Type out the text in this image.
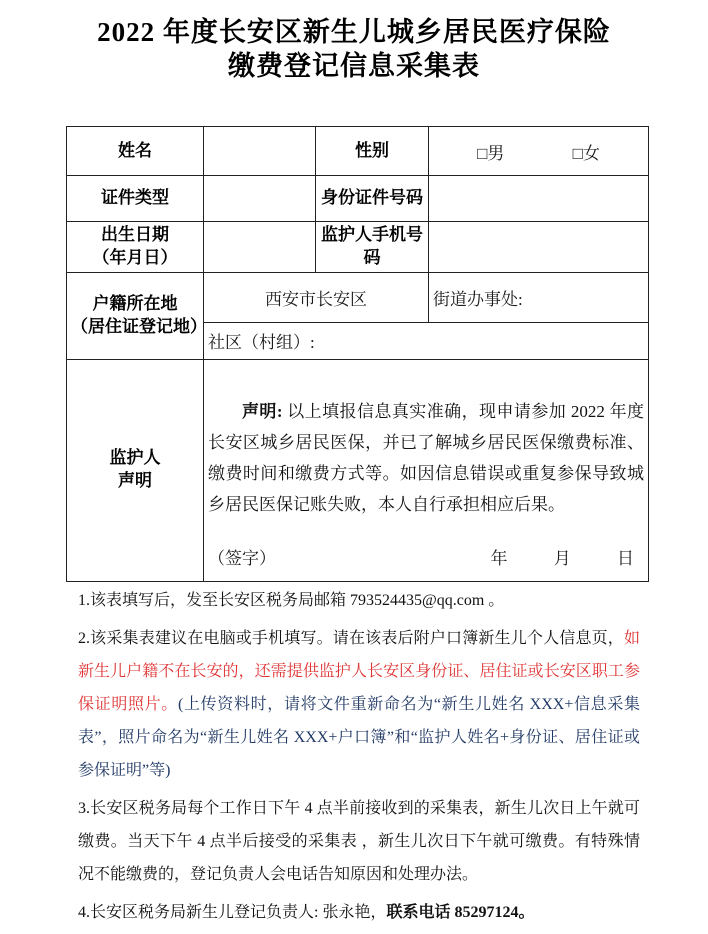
2022 年度长安区新生儿城乡居民医疗保险
缴费登记信息采集表
姓名		性别	□男 □女
证件类型		身份证件号码	

出生日期
（年月日）		监护人手机号码	

户籍所在地
（居住证登记地）	西安市长安区		街道办事处:
	社区（村组）:		

监护人
声明

声明: 以上填报信息真实准确，现申请参加 2022 年度长安区城乡居民医保，并已了解城乡居民医保缴费标准、缴费时间和缴费方式等。如因信息错误或重复参保导致城乡居民医保记账失败，本人自行承担相应后果。
（签字）	年	月	日

1.该表填写后，发至长安区税务局邮箱 793524435@qq.com 。

2.该采集表建议在电脑或手机填写。请在该表后附户口簿新生儿个人信息页，如新生儿户籍不在长安的，还需提供监护人长安区身份证、居住证或长安区职工参保证明照片。(上传资料时，请将文件重新命名为“新生儿姓名 XXX+信息采集表”，照片命名为“新生儿姓名 XXX+户口簿”和“监护人姓名+身份证、居住证或参保证明”等)

3.长安区税务局每个工作日下午 4 点半前接收到的采集表，新生儿次日上午就可缴费。当天下午 4 点半后接受的采集表 ，新生儿次日下午就可缴费。有特殊情况不能缴费的，登记负责人会电话告知原因和处理办法。

4.长安区税务局新生儿登记负责人: 张永艳，联系电话 85297124。
